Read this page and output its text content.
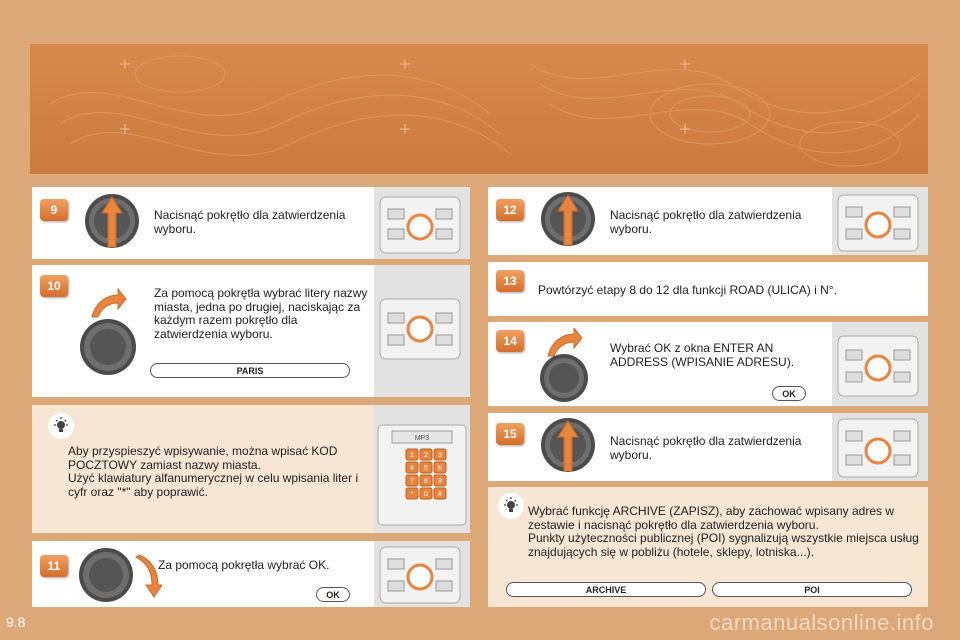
9	Nacisnąć pokrętło dla zatwierdzenia wyboru.
10	Za pomocą pokrętła wybrać litery nazwy miasta, jedna po drugiej, naciskając za każdym razem pokrętło dla zatwierdzenia wyboru.
PARIS
Aby przyspieszyć wpisywanie, można wpisać KOD POCZTOWY zamiast nazwy miasta.
Użyć klawiatury alfanumerycznej w celu wpisania liter i cyfr oraz "*" aby poprawić.
MP3
1 2 3
4 5 6
7 8 9
* 0 #
11	Za pomocą pokrętła wybrać OK.
OK
12	Nacisnąć pokrętło dla zatwierdzenia wyboru.
13
Powtórzyć etapy 8 do 12 dla funkcji ROAD (ULICA) i N°.
14	Wybrać OK z okna ENTER AN ADDRESS (WPISANIE ADRESU).
OK
15	Nacisnąć pokrętło dla zatwierdzenia wyboru.
Wybrać funkcję ARCHIVE (ZAPISZ), aby zachować wpisany adres w zestawie i nacisnąć pokrętło dla zatwierdzenia wyboru.
Punkty użyteczności publicznej (POI) sygnalizują wszystkie miejsca usług znajdujących się w pobliżu (hotele, sklepy, lotniska...).
ARCHIVE	POI
9.8	carmanualsonline.info
